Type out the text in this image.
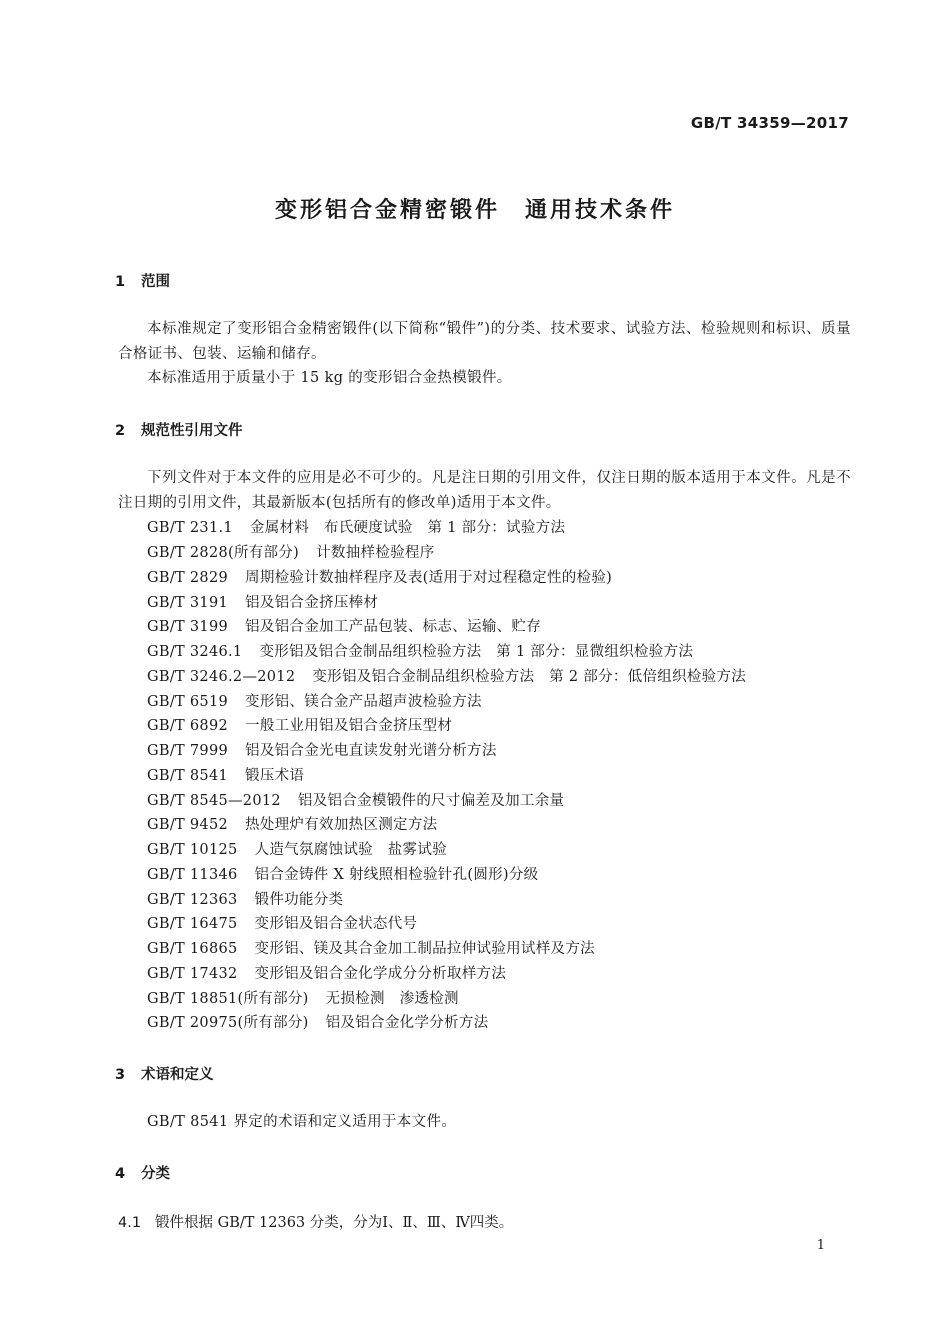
GB/T 34359—2017
变形铝合金精密锻件　通用技术条件
1 范围
本标准规定了变形铝合金精密锻件(以下简称“锻件”)的分类、技术要求、试验方法、检验规则和标识、质量合格证书、包装、运输和储存。
本标准适用于质量小于 15 kg 的变形铝合金热模锻件。
2 规范性引用文件
下列文件对于本文件的应用是必不可少的。凡是注日期的引用文件，仅注日期的版本适用于本文件。凡是不注日期的引用文件，其最新版本(包括所有的修改单)适用于本文件。
GB/T 231.1 金属材料　布氏硬度试验　第 1 部分：试验方法
GB/T 2828(所有部分) 计数抽样检验程序
GB/T 2829 周期检验计数抽样程序及表(适用于对过程稳定性的检验)
GB/T 3191 铝及铝合金挤压棒材
GB/T 3199 铝及铝合金加工产品包装、标志、运输、贮存
GB/T 3246.1 变形铝及铝合金制品组织检验方法　第 1 部分：显微组织检验方法
GB/T 3246.2—2012 变形铝及铝合金制品组织检验方法　第 2 部分：低倍组织检验方法
GB/T 6519 变形铝、镁合金产品超声波检验方法
GB/T 6892 一般工业用铝及铝合金挤压型材
GB/T 7999 铝及铝合金光电直读发射光谱分析方法
GB/T 8541 锻压术语
GB/T 8545—2012 铝及铝合金模锻件的尺寸偏差及加工余量
GB/T 9452 热处理炉有效加热区测定方法
GB/T 10125 人造气氛腐蚀试验　盐雾试验
GB/T 11346 铝合金铸件 X 射线照相检验针孔(圆形)分级
GB/T 12363 锻件功能分类
GB/T 16475 变形铝及铝合金状态代号
GB/T 16865 变形铝、镁及其合金加工制品拉伸试验用试样及方法
GB/T 17432 变形铝及铝合金化学成分分析取样方法
GB/T 18851(所有部分) 无损检测　渗透检测
GB/T 20975(所有部分) 铝及铝合金化学分析方法
3 术语和定义
GB/T 8541 界定的术语和定义适用于本文件。
4 分类
4.1 锻件根据 GB/T 12363 分类，分为Ⅰ、Ⅱ、Ⅲ、Ⅳ四类。
1
